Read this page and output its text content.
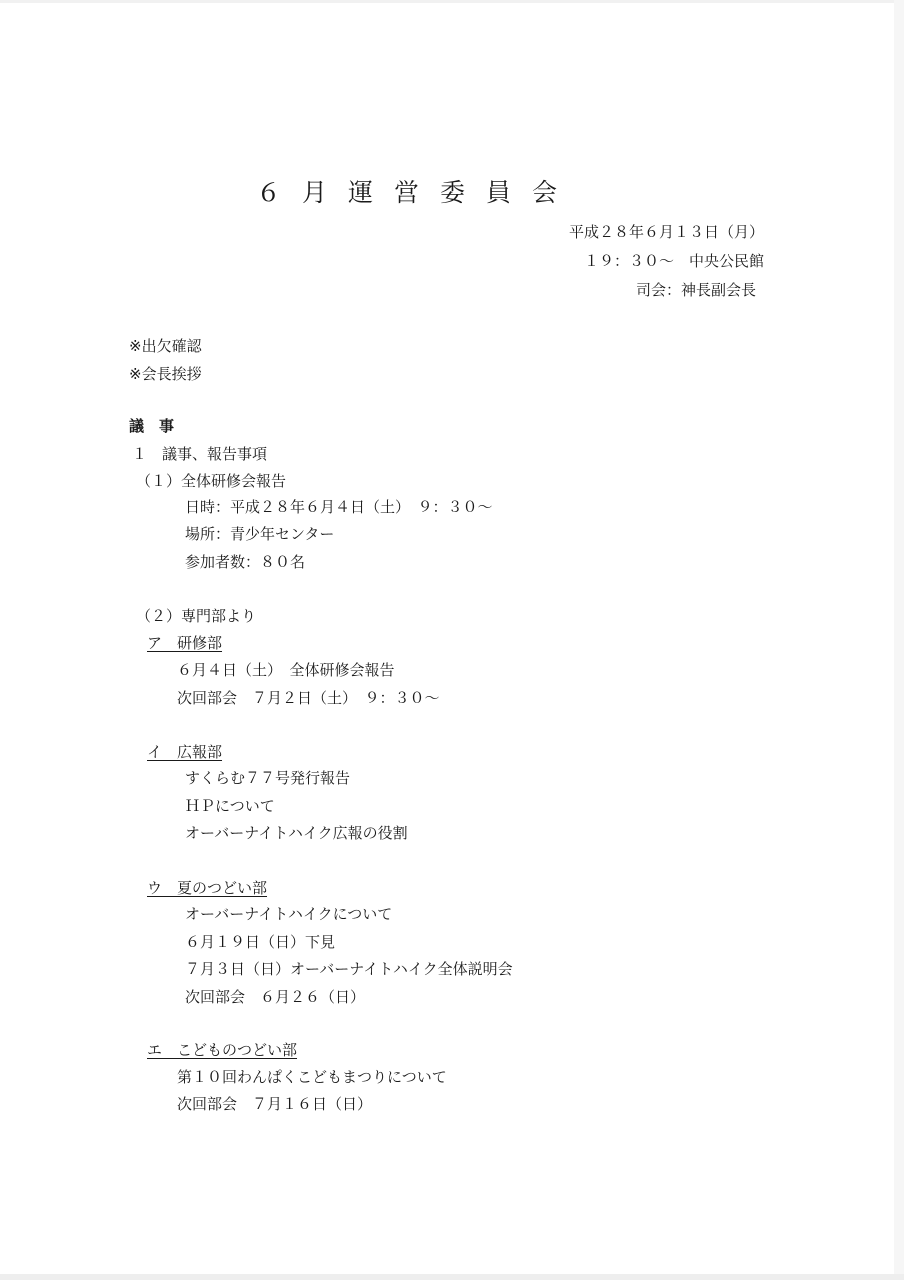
６月運営委員会
平成２８年６月１３日（月）
１９：３０～　中央公民館
司会：神長副会長
※出欠確認
※会長挨拶
議　事
１　議事、報告事項
（１）全体研修会報告
日時：平成２８年６月４日（土）　９：３０～
場所：青少年センター
参加者数：８０名
（２）専門部より
ア　研修部
６月４日（土）　全体研修会報告
次回部会　７月２日（土）　９：３０～
イ　広報部
すくらむ７７号発行報告
ＨＰについて
オーバーナイトハイク広報の役割
ウ　夏のつどい部
オーバーナイトハイクについて
６月１９日（日）下見
７月３日（日）オーバーナイトハイク全体説明会
次回部会　６月２６（日）
エ　こどものつどい部
第１０回わんぱくこどもまつりについて
次回部会　７月１６日（日）
